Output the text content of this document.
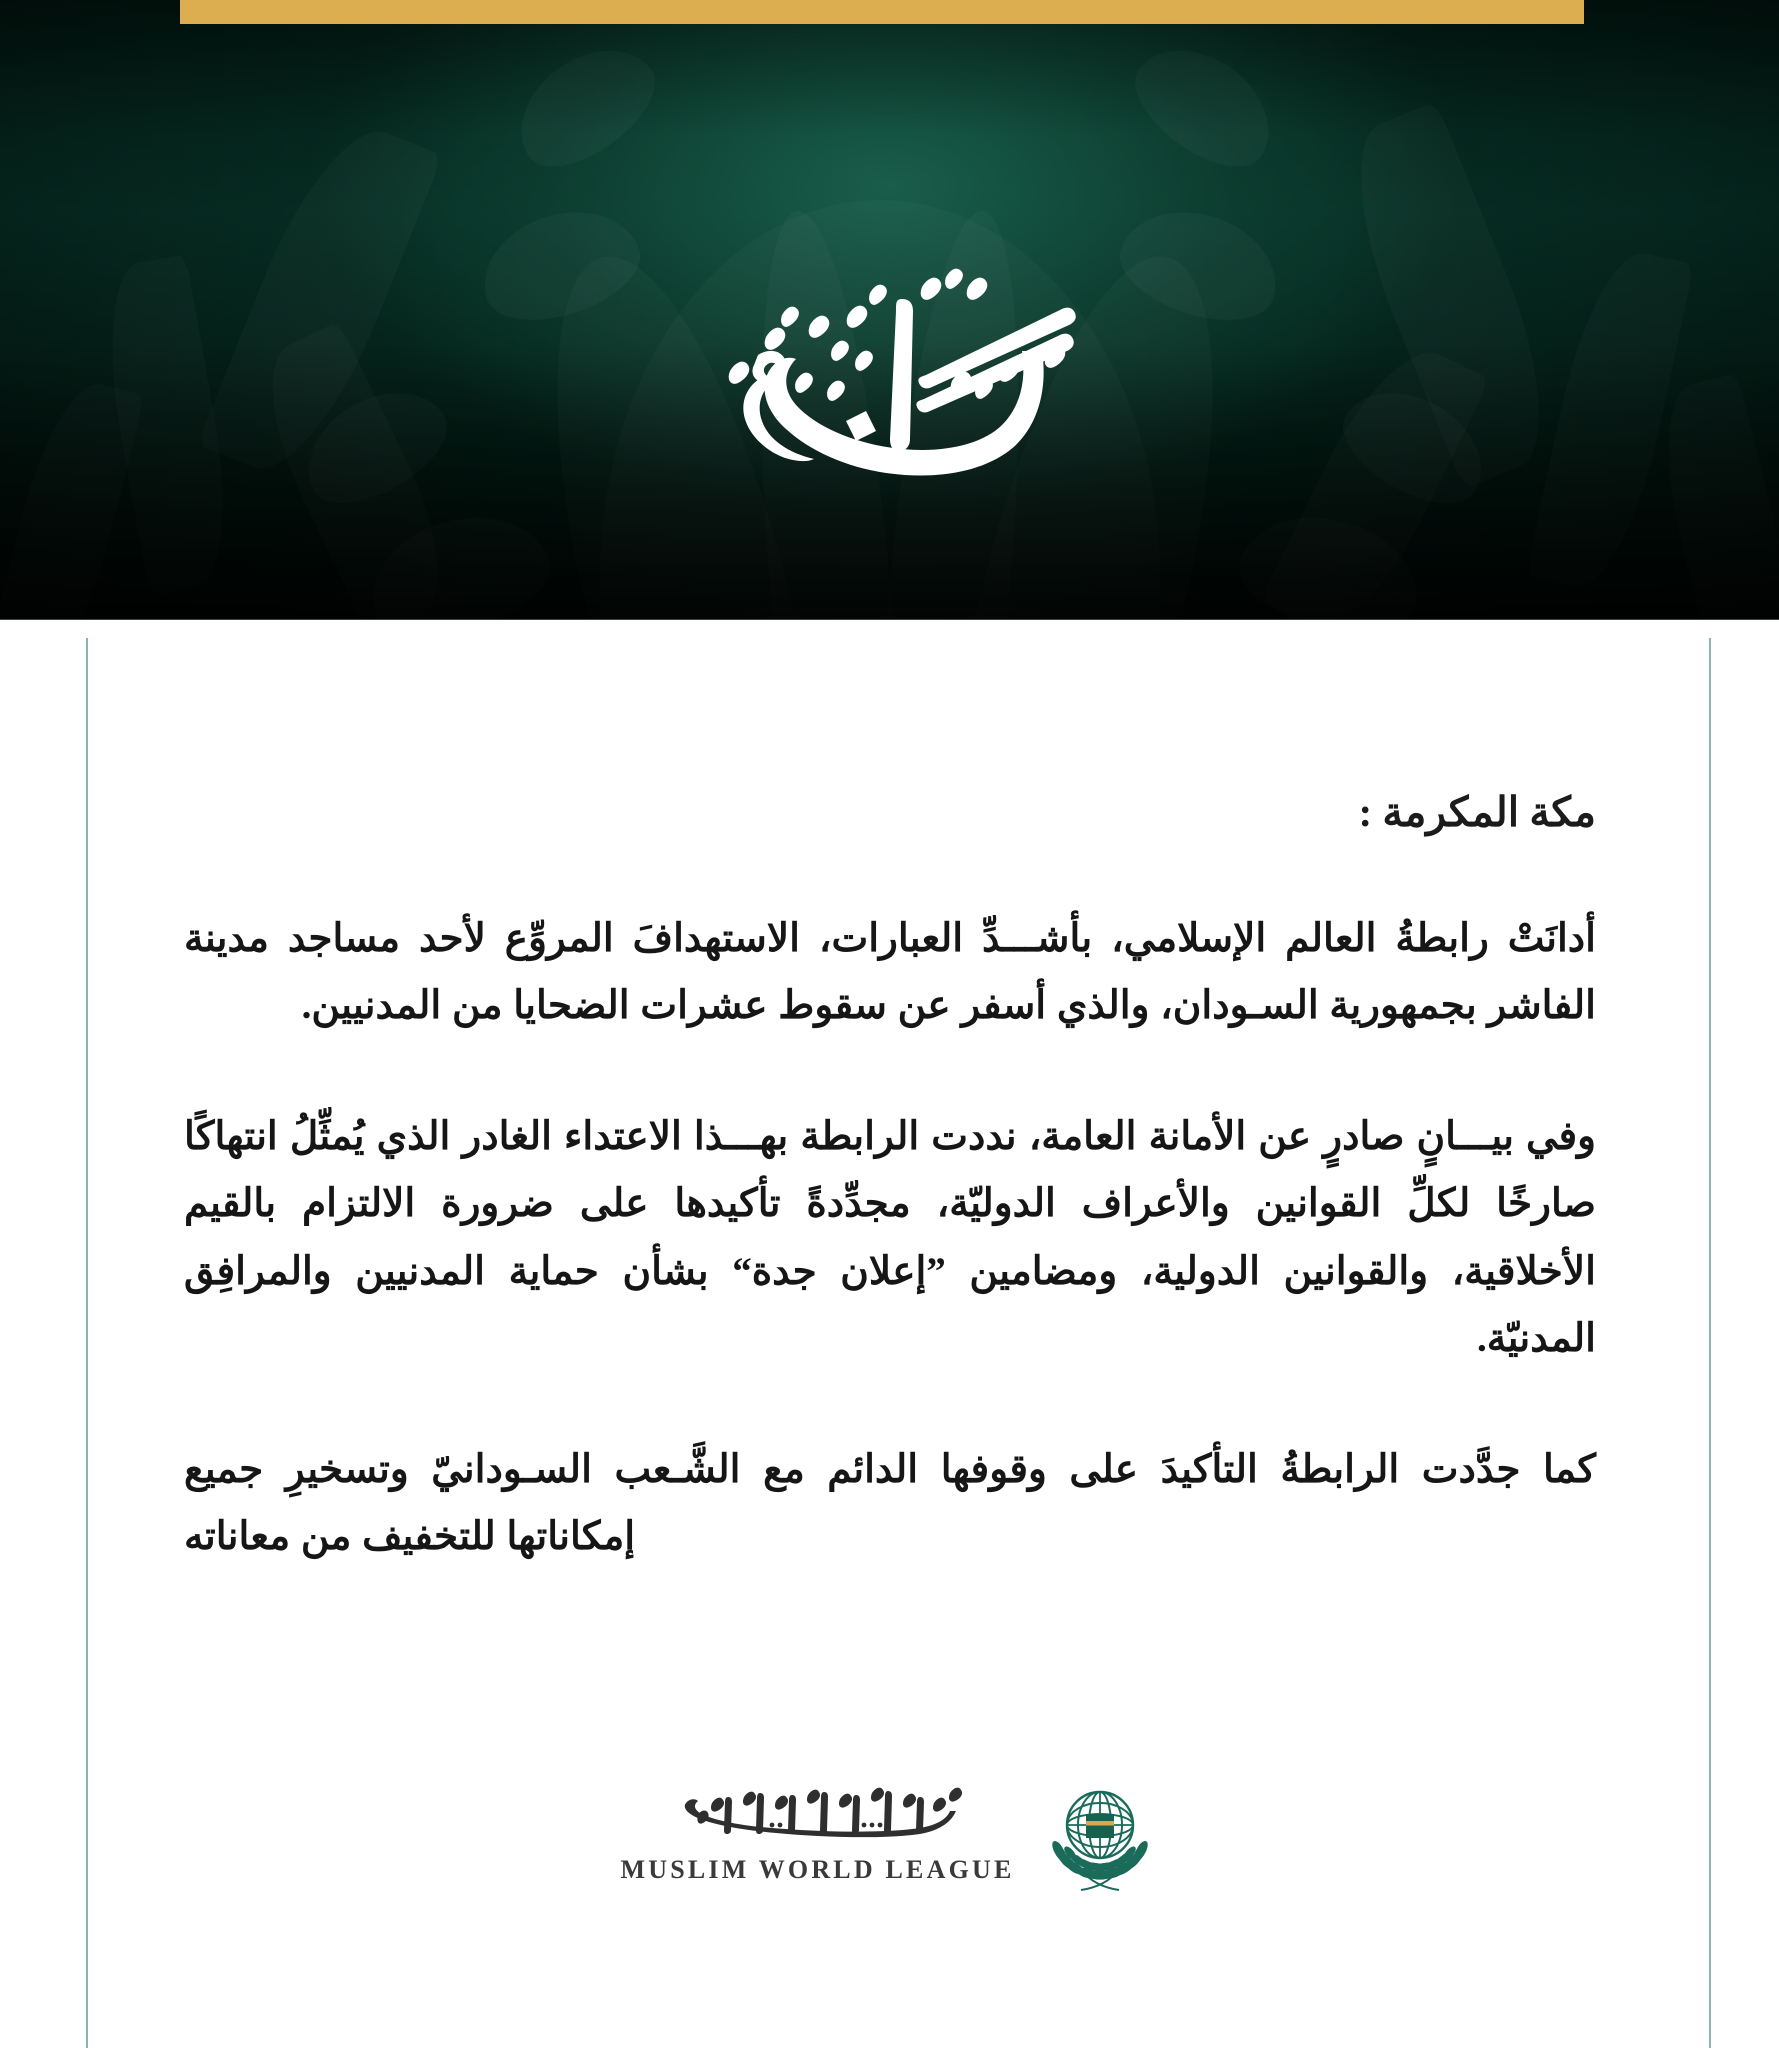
مكة المكرمة :

أدانَتْ رابطةُ العالم الإسلامي، بأشـــدِّ العبارات، الاستهدافَ المروِّع لأحد مساجد مدينة الفاشر بجمهورية السـودان، والذي أسفر عن سقوط عشرات الضحايا من المدنيين.

وفي بيـــانٍ صادرٍ عن الأمانة العامة، نددت الرابطة بهـــذا الاعتداء الغادر الذي يُمثِّلُ انتهاكًا صارخًا لكلِّ القوانين والأعراف الدوليّة، مجدِّدةً تأكيدها على ضرورة الالتزام بالقيم الأخلاقية، والقوانين الدولية، ومضامين ”إعلان جدة“ بشأن حماية المدنيين والمرافِق المدنيّة.

كما جدَّدت الرابطةُ التأكيدَ على وقوفها الدائم مع الشَّـعب السـودانيّ وتسخيرِ جميع إمكاناتها للتخفيف من معاناته

MUSLIM WORLD LEAGUE
